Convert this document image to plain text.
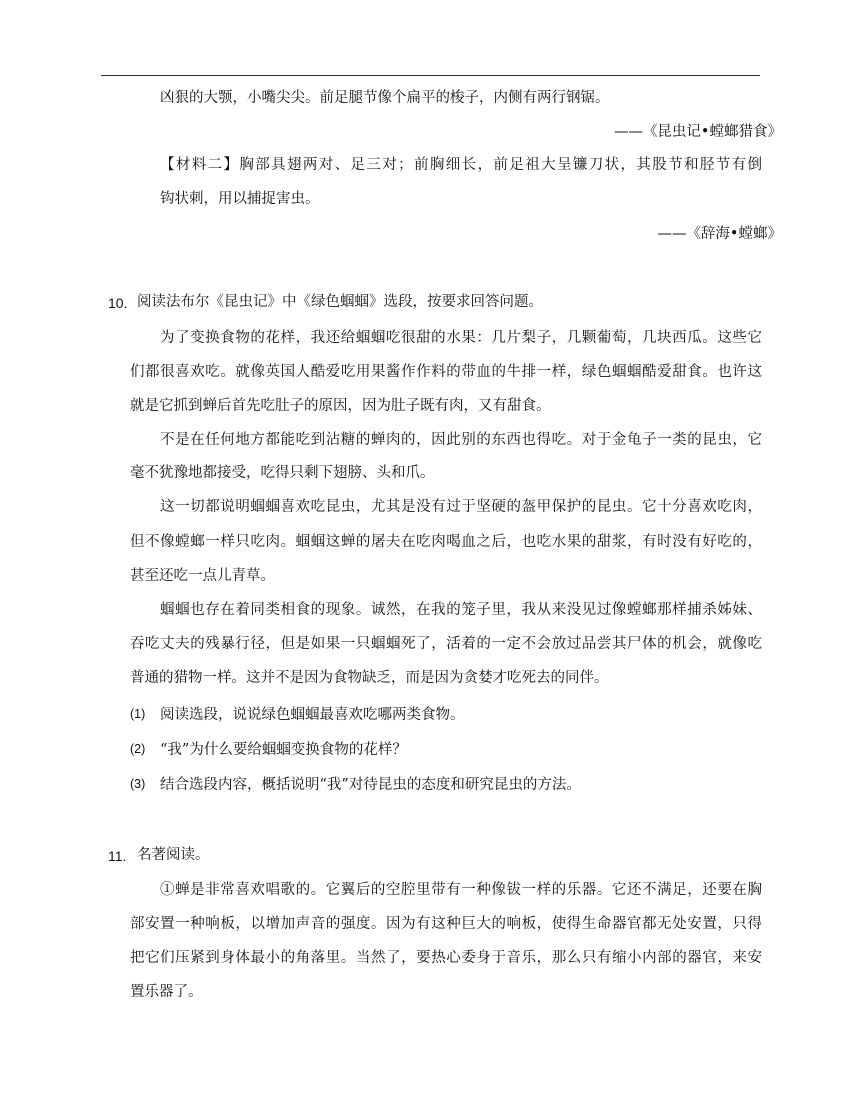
凶狠的大颚，小嘴尖尖。前足腿节像个扁平的梭子，内侧有两行钢锯。
——《昆虫记•螳螂猎食》
【材料二】胸部具翅两对、足三对；前胸细长，前足祖大呈镰刀状，其股节和胫节有倒
钩状刺，用以捕捉害虫。
——《辞海•螳螂》
10. 阅读法布尔《昆虫记》中《绿色蝈蝈》选段，按要求回答问题。
为了变换食物的花样，我还给蝈蝈吃很甜的水果：几片梨子，几颗葡萄，几块西瓜。这些它
们都很喜欢吃。就像英国人酷爱吃用果酱作作料的带血的牛排一样，绿色蝈蝈酷爱甜食。也许这
就是它抓到蝉后首先吃肚子的原因，因为肚子既有肉，又有甜食。
不是在任何地方都能吃到沾糖的蝉肉的，因此别的东西也得吃。对于金龟子一类的昆虫，它
毫不犹豫地都接受，吃得只剩下翅膀、头和爪。
这一切都说明蝈蝈喜欢吃昆虫，尤其是没有过于坚硬的盔甲保护的昆虫。它十分喜欢吃肉，
但不像螳螂一样只吃肉。蝈蝈这蝉的屠夫在吃肉喝血之后，也吃水果的甜浆，有时没有好吃的，
甚至还吃一点儿青草。
蝈蝈也存在着同类相食的现象。诚然，在我的笼子里，我从来没见过像螳螂那样捕杀姊妹、
吞吃丈夫的残暴行径，但是如果一只蝈蝈死了，活着的一定不会放过品尝其尸体的机会，就像吃
普通的猎物一样。这并不是因为食物缺乏，而是因为贪婪才吃死去的同伴。
(1) 阅读选段，说说绿色蝈蝈最喜欢吃哪两类食物。
(2) “我”为什么要给蝈蝈变换食物的花样？
(3) 结合选段内容，概括说明“我”对待昆虫的态度和研究昆虫的方法。
11. 名著阅读。
①蝉是非常喜欢唱歌的。它翼后的空腔里带有一种像钹一样的乐器。它还不满足，还要在胸
部安置一种响板，以增加声音的强度。因为有这种巨大的响板，使得生命器官都无处安置，只得
把它们压紧到身体最小的角落里。当然了，要热心委身于音乐，那么只有缩小内部的器官，来安
置乐器了。
